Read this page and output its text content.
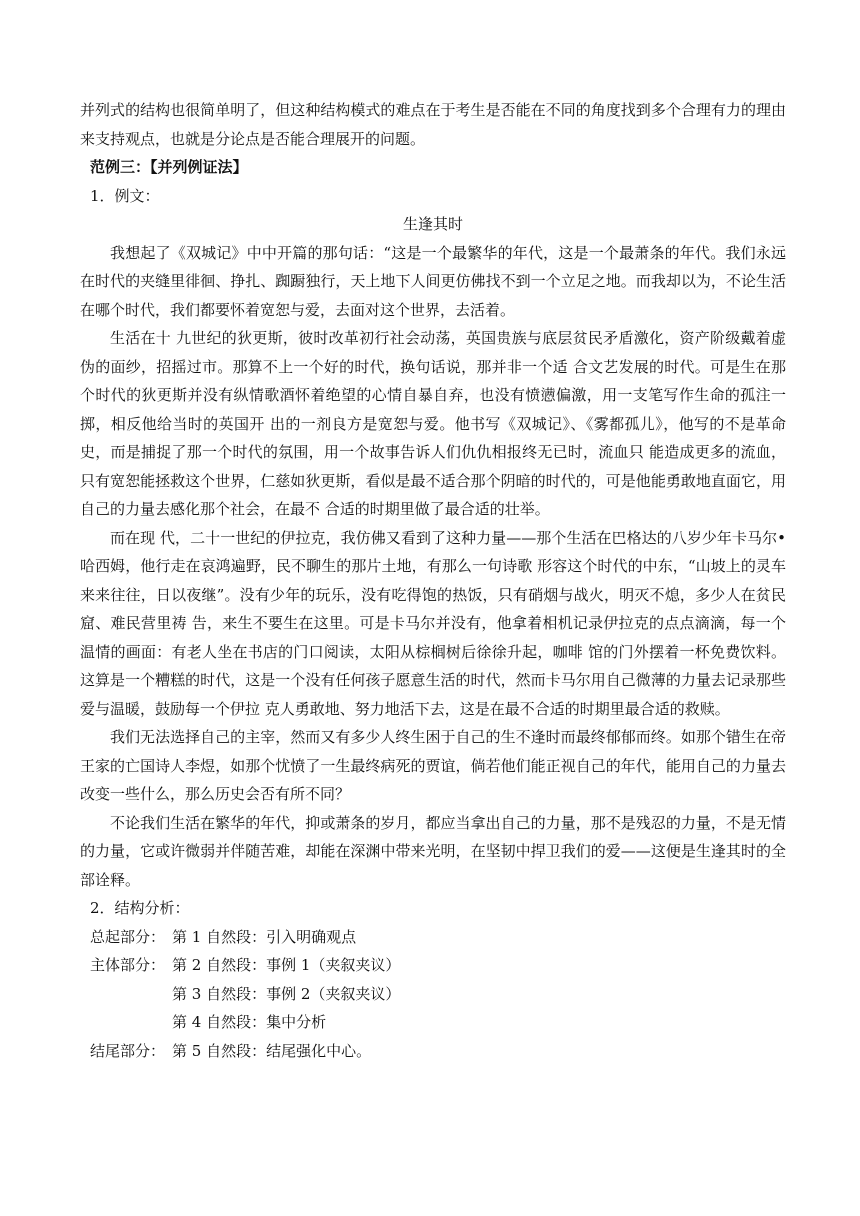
并列式的结构也很简单明了，但这种结构模式的难点在于考生是否能在不同的角度找到多个合理有力的理由来支持观点，也就是分论点是否能合理展开的问题。

范例三：【并列例证法】

1．例文：

生逢其时

我想起了《双城记》中中开篇的那句话：“这是一个最繁华的年代，这是一个最萧条的年代。我们永远在时代的夹缝里徘徊、挣扎、踟蹰独行，天上地下人间更仿佛找不到一个立足之地。而我却以为，不论生活在哪个时代，我们都要怀着宽恕与爱，去面对这个世界，去活着。

生活在十 九世纪的狄更斯，彼时改革初行社会动荡，英国贵族与底层贫民矛盾激化，资产阶级戴着虚伪的面纱，招摇过市。那算不上一个好的时代，换句话说，那并非一个适 合文艺发展的时代。可是生在那个时代的狄更斯并没有纵情歌酒怀着绝望的心情自暴自弃，也没有愤懑偏激，用一支笔写作生命的孤注一掷，相反他给当时的英国开 出的一剂良方是宽恕与爱。他书写《双城记》、《雾都孤儿》，他写的不是革命史，而是捕捉了那一个时代的氛围，用一个故事告诉人们仇仇相报终无已时，流血只 能造成更多的流血，只有宽恕能拯救这个世界，仁慈如狄更斯，看似是最不适合那个阴暗的时代的，可是他能勇敢地直面它，用自己的力量去感化那个社会，在最不 合适的时期里做了最合适的壮举。

而在现 代，二十一世纪的伊拉克，我仿佛又看到了这种力量——那个生活在巴格达的八岁少年卡马尔•哈西姆，他行走在哀鸿遍野，民不聊生的那片土地，有那么一句诗歌 形容这个时代的中东，“山坡上的灵车来来往往，日以夜继”。没有少年的玩乐，没有吃得饱的热饭，只有硝烟与战火，明灭不熄，多少人在贫民窟、难民营里祷 告，来生不要生在这里。可是卡马尔并没有，他拿着相机记录伊拉克的点点滴滴，每一个温情的画面：有老人坐在书店的门口阅读，太阳从棕榈树后徐徐升起，咖啡 馆的门外摆着一杯免费饮料。这算是一个糟糕的时代，这是一个没有任何孩子愿意生活的时代，然而卡马尔用自己微薄的力量去记录那些爱与温暖，鼓励每一个伊拉 克人勇敢地、努力地活下去，这是在最不合适的时期里最合适的救赎。

我们无法选择自己的主宰，然而又有多少人终生困于自己的生不逢时而最终郁郁而终。如那个错生在帝王家的亡国诗人李煜，如那个忧愤了一生最终病死的贾谊，倘若他们能正视自己的年代，能用自己的力量去改变一些什么，那么历史会否有所不同？

不论我们生活在繁华的年代，抑或萧条的岁月，都应当拿出自己的力量，那不是残忍的力量，不是无情的力量，它或许微弱并伴随苦难，却能在深渊中带来光明，在坚韧中捍卫我们的爱——这便是生逢其时的全部诠释。

2．结构分析：

总起部分： 第 1 自然段：引入明确观点
主体部分： 第 2 自然段：事例 1（夹叙夹议）
第 3 自然段：事例 2（夹叙夹议）
第 4 自然段：集中分析
结尾部分： 第 5 自然段：结尾强化中心。
